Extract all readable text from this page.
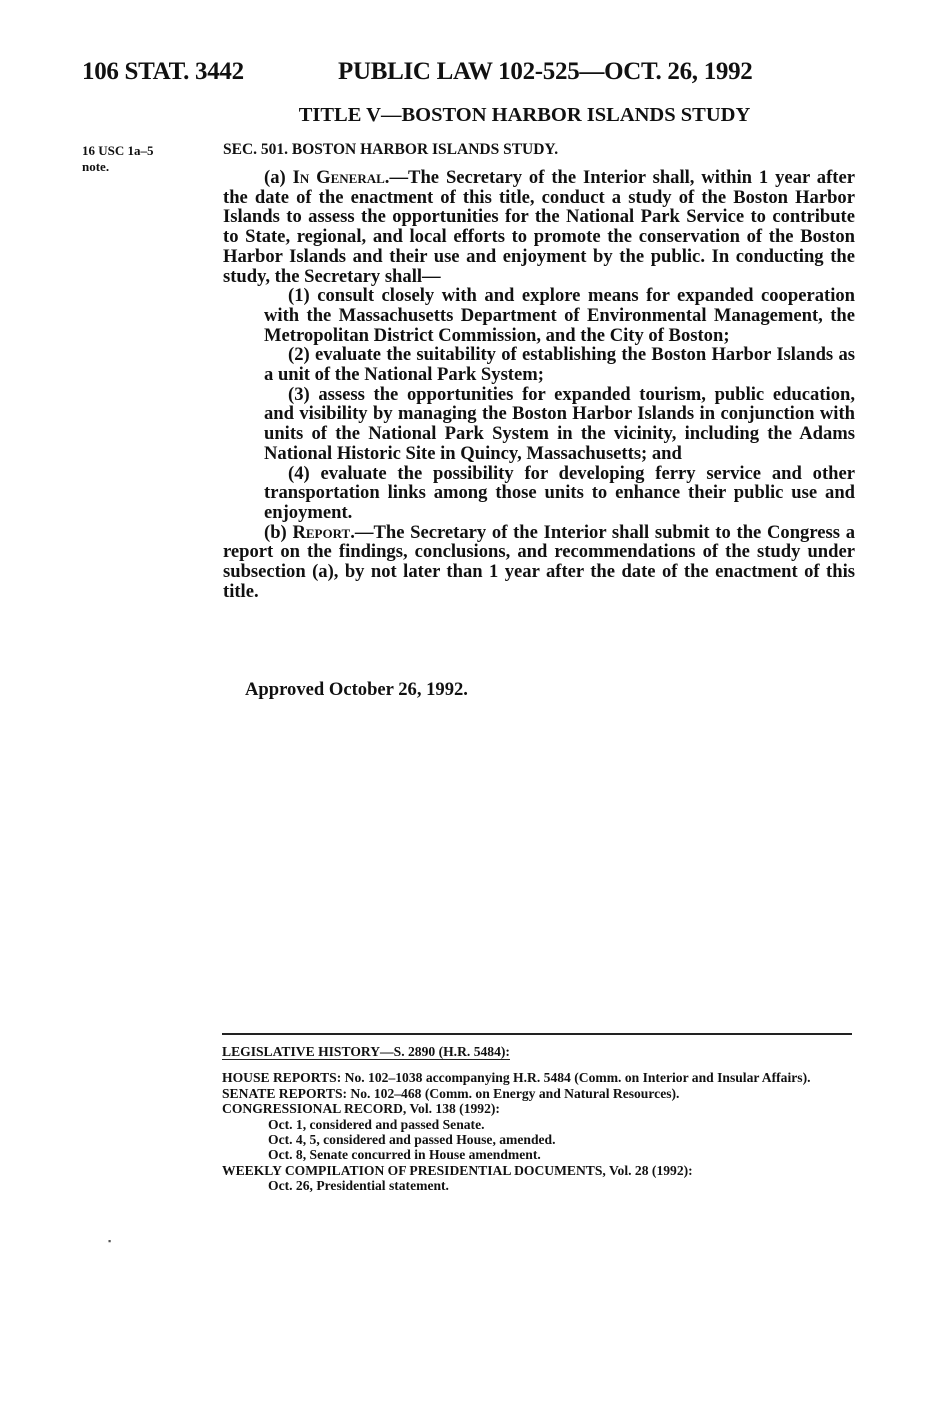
106 STAT. 3442	PUBLIC LAW 102-525—OCT. 26, 1992
TITLE V—BOSTON HARBOR ISLANDS STUDY
16 USC 1a–5
note.
SEC. 501. BOSTON HARBOR ISLANDS STUDY.

(a) In General.—The Secretary of the Interior shall, within 1 year after the date of the enactment of this title, conduct a study of the Boston Harbor Islands to assess the opportunities for the National Park Service to contribute to State, regional, and local efforts to promote the conservation of the Boston Harbor Islands and their use and enjoyment by the public. In conducting the study, the Secretary shall—

(1) consult closely with and explore means for expanded cooperation with the Massachusetts Department of Environmental Management, the Metropolitan District Commission, and the City of Boston;

(2) evaluate the suitability of establishing the Boston Harbor Islands as a unit of the National Park System;

(3) assess the opportunities for expanded tourism, public education, and visibility by managing the Boston Harbor Islands in conjunction with units of the National Park System in the vicinity, including the Adams National Historic Site in Quincy, Massachusetts; and

(4) evaluate the possibility for developing ferry service and other transportation links among those units to enhance their public use and enjoyment.

(b) Report.—The Secretary of the Interior shall submit to the Congress a report on the findings, conclusions, and recommendations of the study under subsection (a), by not later than 1 year after the date of the enactment of this title.

Approved October 26, 1992.
LEGISLATIVE HISTORY—S. 2890 (H.R. 5484):

HOUSE REPORTS: No. 102–1038 accompanying H.R. 5484 (Comm. on Interior and Insular Affairs).

SENATE REPORTS: No. 102–468 (Comm. on Energy and Natural Resources).

CONGRESSIONAL RECORD, Vol. 138 (1992):

Oct. 1, considered and passed Senate.

Oct. 4, 5, considered and passed House, amended.

Oct. 8, Senate concurred in House amendment.

WEEKLY COMPILATION OF PRESIDENTIAL DOCUMENTS, Vol. 28 (1992):

Oct. 26, Presidential statement.

▪
